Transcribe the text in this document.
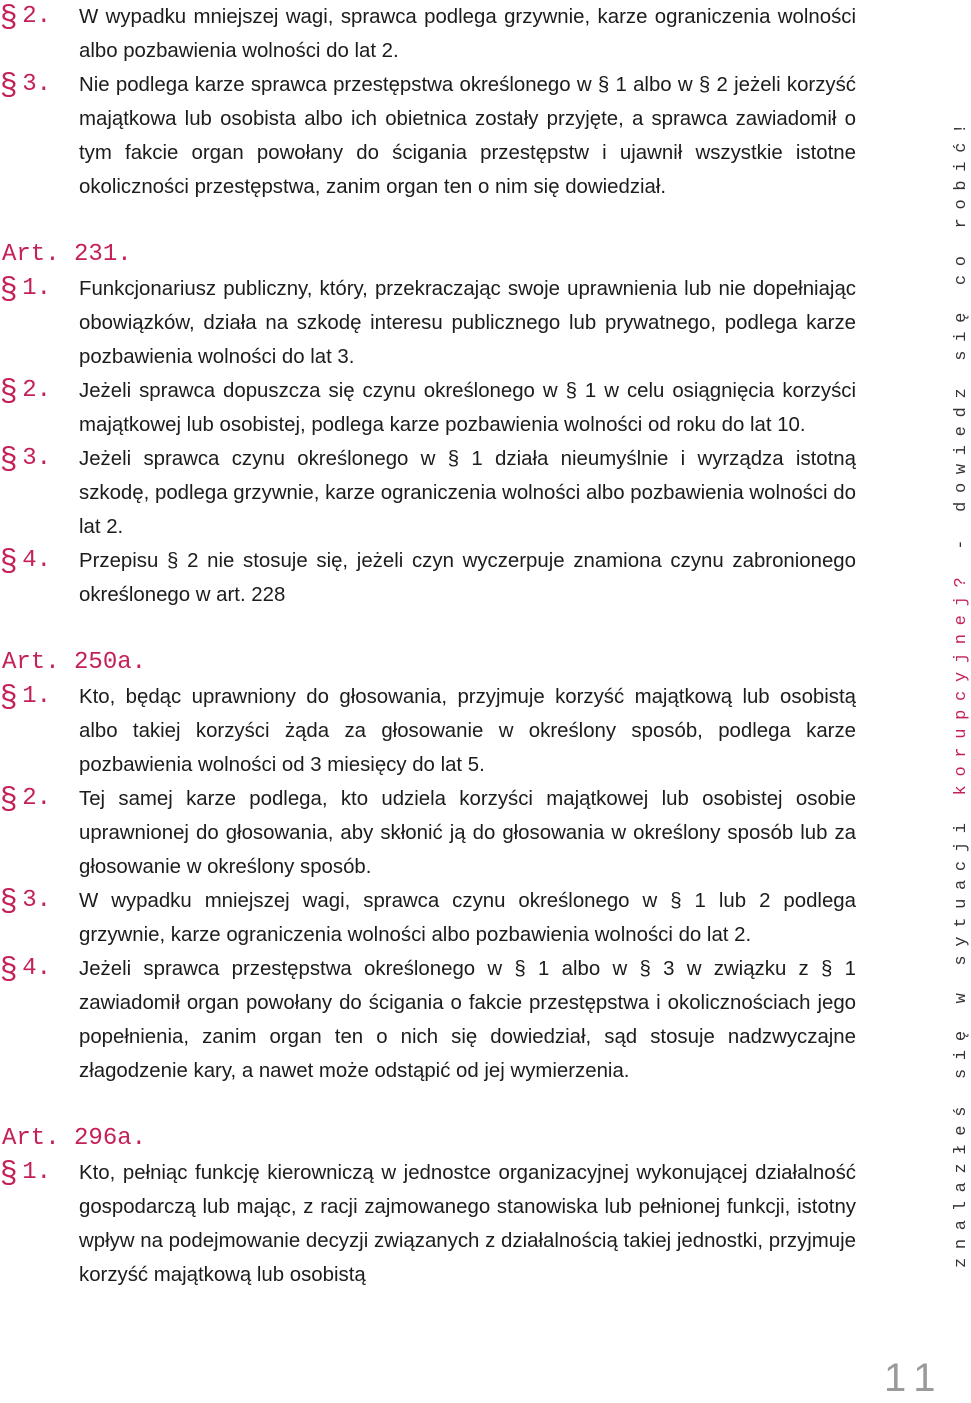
§ 2. W wypadku mniejszej wagi, sprawca podlega grzywnie, karze ograniczenia wolności albo pozbawienia wolności do lat 2.
§ 3. Nie podlega karze sprawca przestępstwa określonego w § 1 albo w § 2 jeżeli korzyść majątkowa lub osobista albo ich obietnica zostały przyjęte, a sprawca zawiadomił o tym fakcie organ powołany do ścigania przestępstw i ujawnił wszystkie istotne okoliczności przestępstwa, zanim organ ten o nim się dowiedział.
Art. 231.
§ 1. Funkcjonariusz publiczny, który, przekraczając swoje uprawnienia lub nie dopełniając obowiązków, działa na szkodę interesu publicznego lub prywatnego, podlega karze pozbawienia wolności do lat 3.
§ 2. Jeżeli sprawca dopuszcza się czynu określonego w § 1 w celu osiągnięcia korzyści majątkowej lub osobistej, podlega karze pozbawienia wolności od roku do lat 10.
§ 3. Jeżeli sprawca czynu określonego w § 1 działa nieumyślnie i wyrządza istotną szkodę, podlega grzywnie, karze ograniczenia wolności albo pozbawienia wolności do lat 2.
§ 4. Przepisu § 2 nie stosuje się, jeżeli czyn wyczerpuje znamiona czynu zabronionego określonego w art. 228
Art. 250a.
§ 1. Kto, będąc uprawniony do głosowania, przyjmuje korzyść majątkową lub osobistą albo takiej korzyści żąda za głosowanie w określony sposób, podlega karze pozbawienia wolności od 3 miesięcy do lat 5.
§ 2. Tej samej karze podlega, kto udziela korzyści majątkowej lub osobistej osobie uprawnionej do głosowania, aby skłonić ją do głosowania w określony sposób lub za głosowanie w określony sposób.
§ 3. W wypadku mniejszej wagi, sprawca czynu określonego w § 1 lub 2 podlega grzywnie, karze ograniczenia wolności albo pozbawienia wolności do lat 2.
§ 4. Jeżeli sprawca przestępstwa określonego w § 1 albo w § 3 w związku z § 1 zawiadomił organ powołany do ścigania o fakcie przestępstwa i okolicznościach jego popełnienia, zanim organ ten o nich się dowiedział, sąd stosuje nadzwyczajne złagodzenie kary, a nawet może odstąpić od jej wymierzenia.
Art. 296a.
§ 1. Kto, pełniąc funkcję kierowniczą w jednostce organizacyjnej wykonującej działalność gospodarczą lub mając, z racji zajmowanego stanowiska lub pełnionej funkcji, istotny wpływ na podejmowanie decyzji związanych z działalnością takiej jednostki, przyjmuje korzyść majątkową lub osobistą
znalazłeś się w sytuacji korupcyjnej? - dowiedz się co robić!
11
